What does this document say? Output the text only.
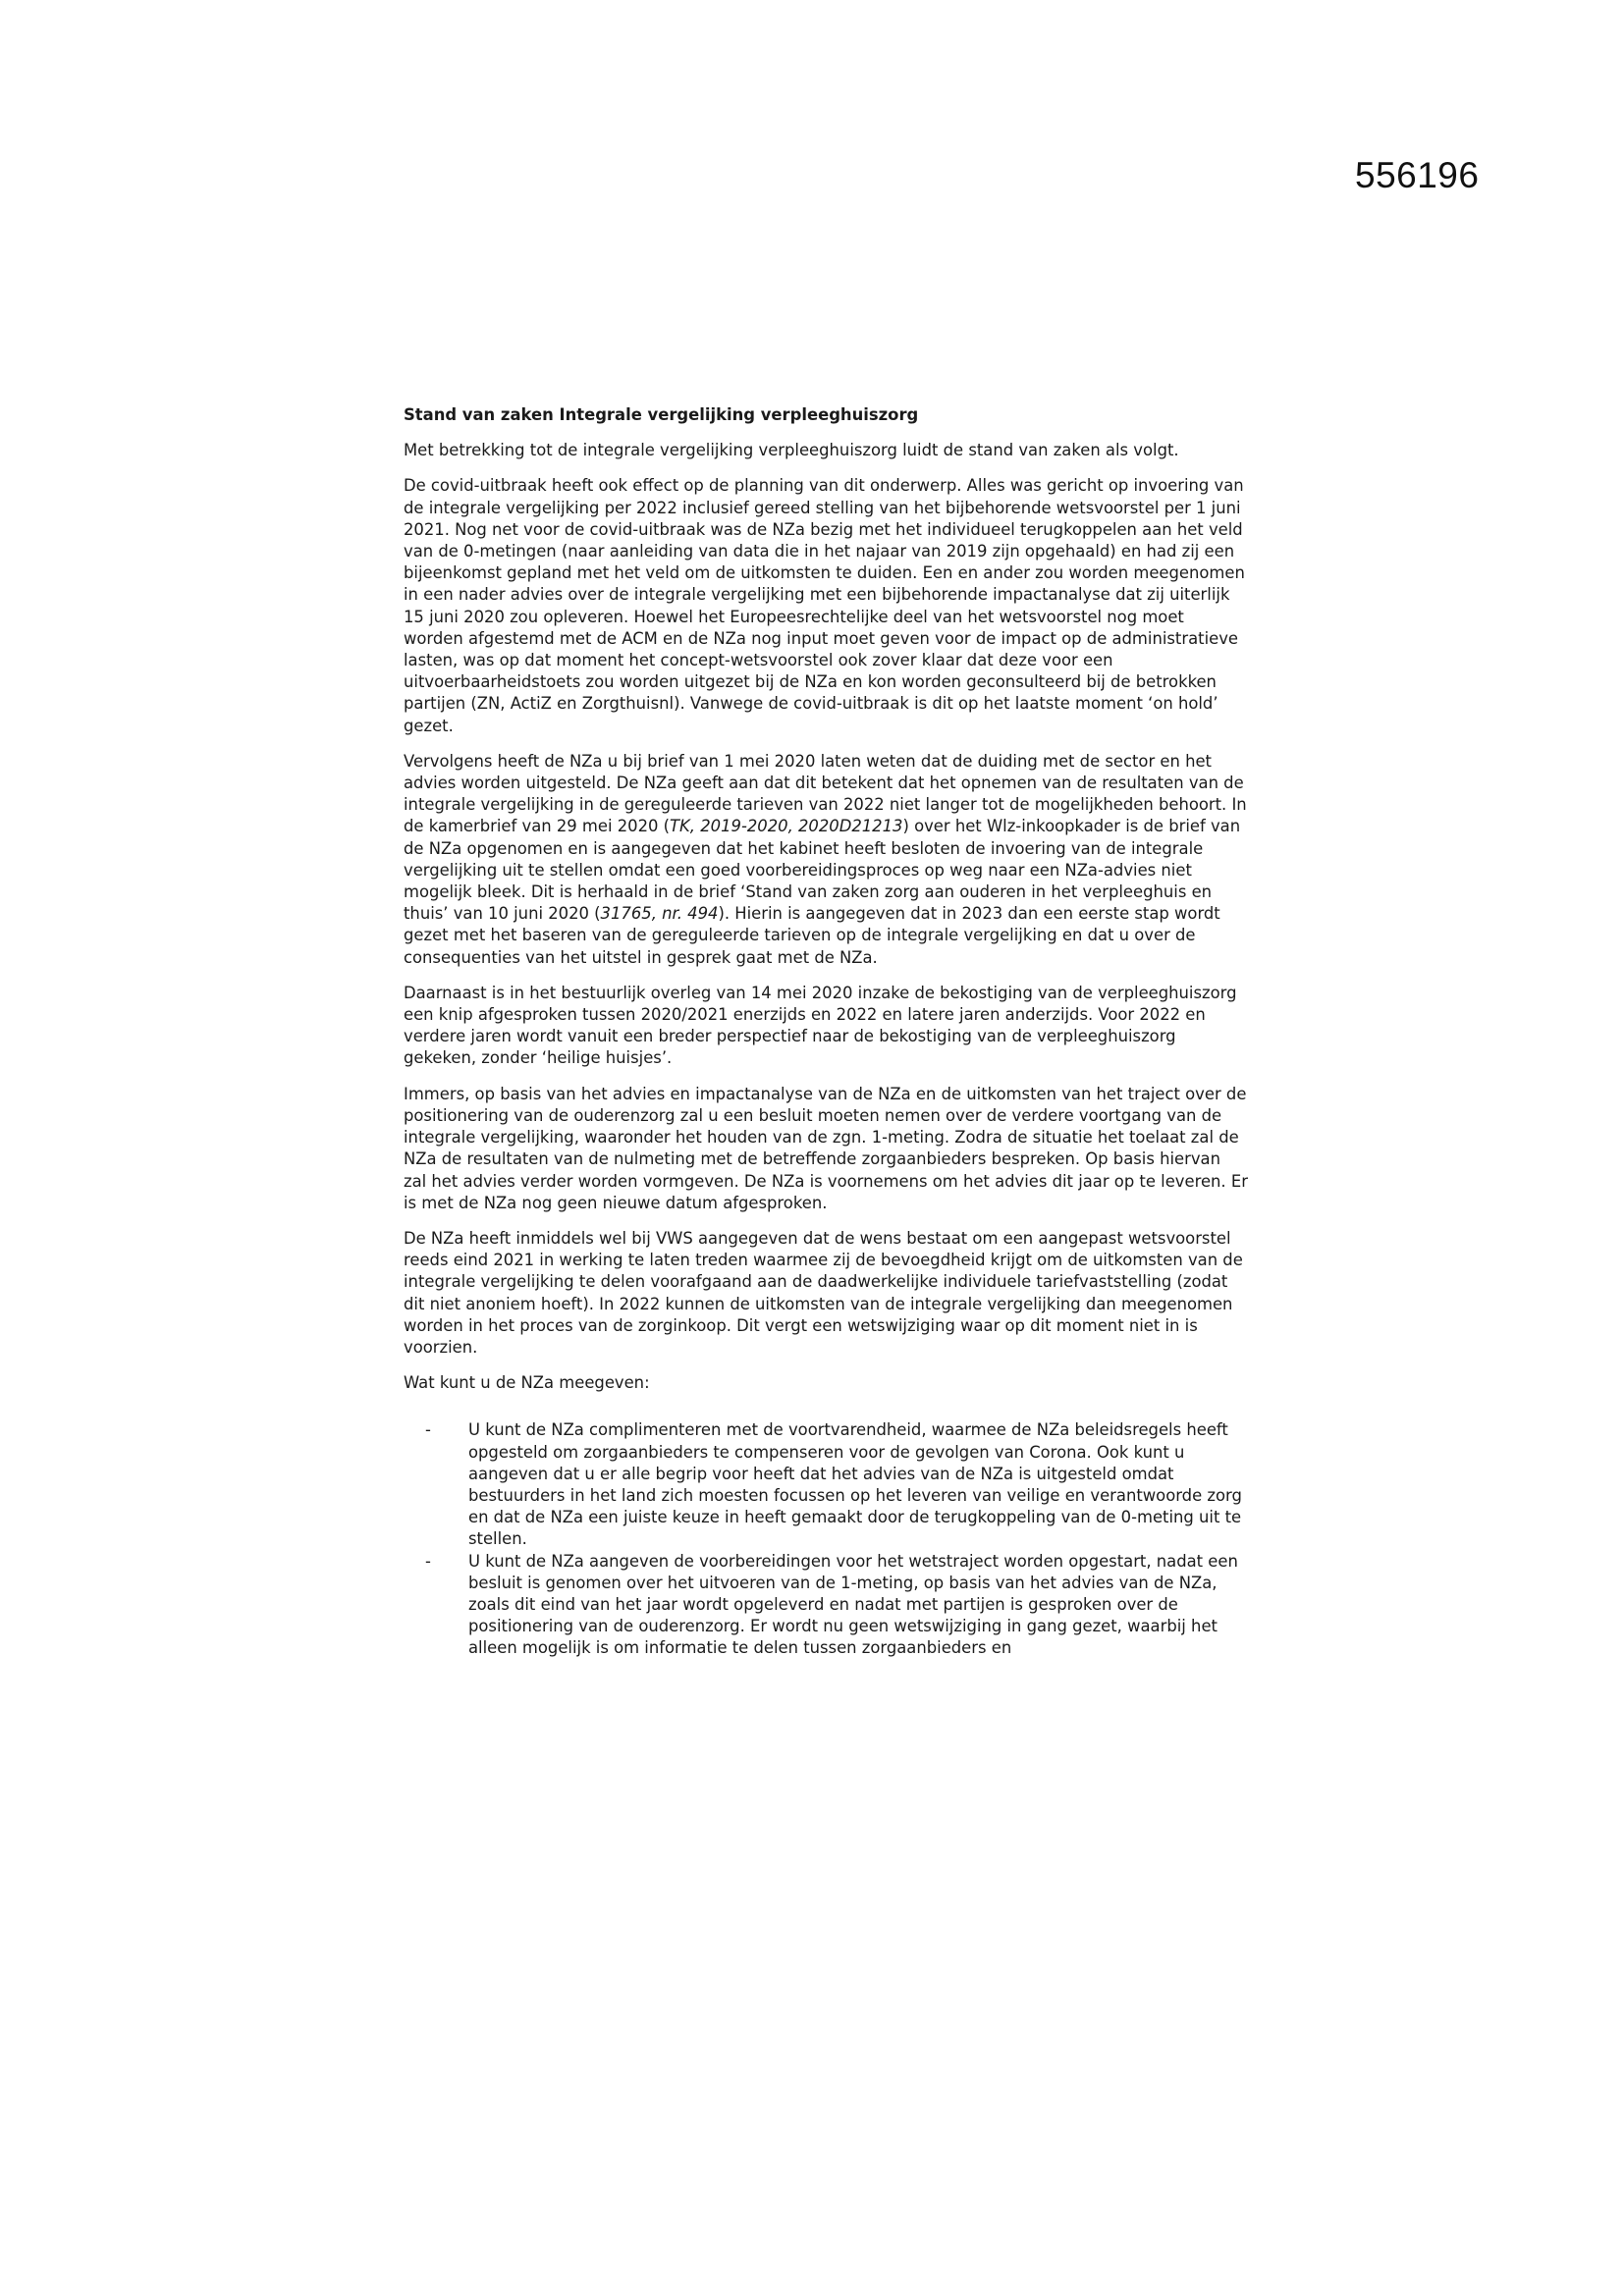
556196

Stand van zaken Integrale vergelijking verpleeghuiszorg

Met betrekking tot de integrale vergelijking verpleeghuiszorg luidt de stand van zaken als volgt.

De covid-uitbraak heeft ook effect op de planning van dit onderwerp. Alles was gericht op invoering van de integrale vergelijking per 2022 inclusief gereed stelling van het bijbehorende wetsvoorstel per 1 juni 2021. Nog net voor de covid-uitbraak was de NZa bezig met het individueel terugkoppelen aan het veld van de 0-metingen (naar aanleiding van data die in het najaar van 2019 zijn opgehaald) en had zij een bijeenkomst gepland met het veld om de uitkomsten te duiden. Een en ander zou worden meegenomen in een nader advies over de integrale vergelijking met een bijbehorende impactanalyse dat zij uiterlijk 15 juni 2020 zou opleveren. Hoewel het Europeesrechtelijke deel van het wetsvoorstel nog moet worden afgestemd met de ACM en de NZa nog input moet geven voor de impact op de administratieve lasten, was op dat moment het concept-wetsvoorstel ook zover klaar dat deze voor een uitvoerbaarheidstoets zou worden uitgezet bij de NZa en kon worden geconsulteerd bij de betrokken partijen (ZN, ActiZ en Zorgthuisnl). Vanwege de covid-uitbraak is dit op het laatste moment ‘on hold’ gezet.

Vervolgens heeft de NZa u bij brief van 1 mei 2020 laten weten dat de duiding met de sector en het advies worden uitgesteld. De NZa geeft aan dat dit betekent dat het opnemen van de resultaten van de integrale vergelijking in de gereguleerde tarieven van 2022 niet langer tot de mogelijkheden behoort. In de kamerbrief van 29 mei 2020 (TK, 2019-2020, 2020D21213) over het Wlz-inkoopkader is de brief van de NZa opgenomen en is aangegeven dat het kabinet heeft besloten de invoering van de integrale vergelijking uit te stellen omdat een goed voorbereidingsproces op weg naar een NZa-advies niet mogelijk bleek. Dit is herhaald in de brief ‘Stand van zaken zorg aan ouderen in het verpleeghuis en thuis’ van 10 juni 2020 (31765, nr. 494). Hierin is aangegeven dat in 2023 dan een eerste stap wordt gezet met het baseren van de gereguleerde tarieven op de integrale vergelijking en dat u over de consequenties van het uitstel in gesprek gaat met de NZa.

Daarnaast is in het bestuurlijk overleg van 14 mei 2020 inzake de bekostiging van de verpleeghuiszorg een knip afgesproken tussen 2020/2021 enerzijds en 2022 en latere jaren anderzijds. Voor 2022 en verdere jaren wordt vanuit een breder perspectief naar de bekostiging van de verpleeghuiszorg gekeken, zonder ‘heilige huisjes’.

Immers, op basis van het advies en impactanalyse van de NZa en de uitkomsten van het traject over de positionering van de ouderenzorg zal u een besluit moeten nemen over de verdere voortgang van de integrale vergelijking, waaronder het houden van de zgn. 1-meting. Zodra de situatie het toelaat zal de NZa de resultaten van de nulmeting met de betreffende zorgaanbieders bespreken. Op basis hiervan zal het advies verder worden vormgeven. De NZa is voornemens om het advies dit jaar op te leveren. Er is met de NZa nog geen nieuwe datum afgesproken.

De NZa heeft inmiddels wel bij VWS aangegeven dat de wens bestaat om een aangepast wetsvoorstel reeds eind 2021 in werking te laten treden waarmee zij de bevoegdheid krijgt om de uitkomsten van de integrale vergelijking te delen voorafgaand aan de daadwerkelijke individuele tariefvaststelling (zodat dit niet anoniem hoeft). In 2022 kunnen de uitkomsten van de integrale vergelijking dan meegenomen worden in het proces van de zorginkoop. Dit vergt een wetswijziging waar op dit moment niet in is voorzien.

Wat kunt u de NZa meegeven:

- U kunt de NZa complimenteren met de voortvarendheid, waarmee de NZa beleidsregels heeft opgesteld om zorgaanbieders te compenseren voor de gevolgen van Corona. Ook kunt u aangeven dat u er alle begrip voor heeft dat het advies van de NZa is uitgesteld omdat bestuurders in het land zich moesten focussen op het leveren van veilige en verantwoorde zorg en dat de NZa een juiste keuze in heeft gemaakt door de terugkoppeling van de 0-meting uit te stellen.
- U kunt de NZa aangeven de voorbereidingen voor het wetstraject worden opgestart, nadat een besluit is genomen over het uitvoeren van de 1-meting, op basis van het advies van de NZa, zoals dit eind van het jaar wordt opgeleverd en nadat met partijen is gesproken over de positionering van de ouderenzorg. Er wordt nu geen wetswijziging in gang gezet, waarbij het alleen mogelijk is om informatie te delen tussen zorgaanbieders en
